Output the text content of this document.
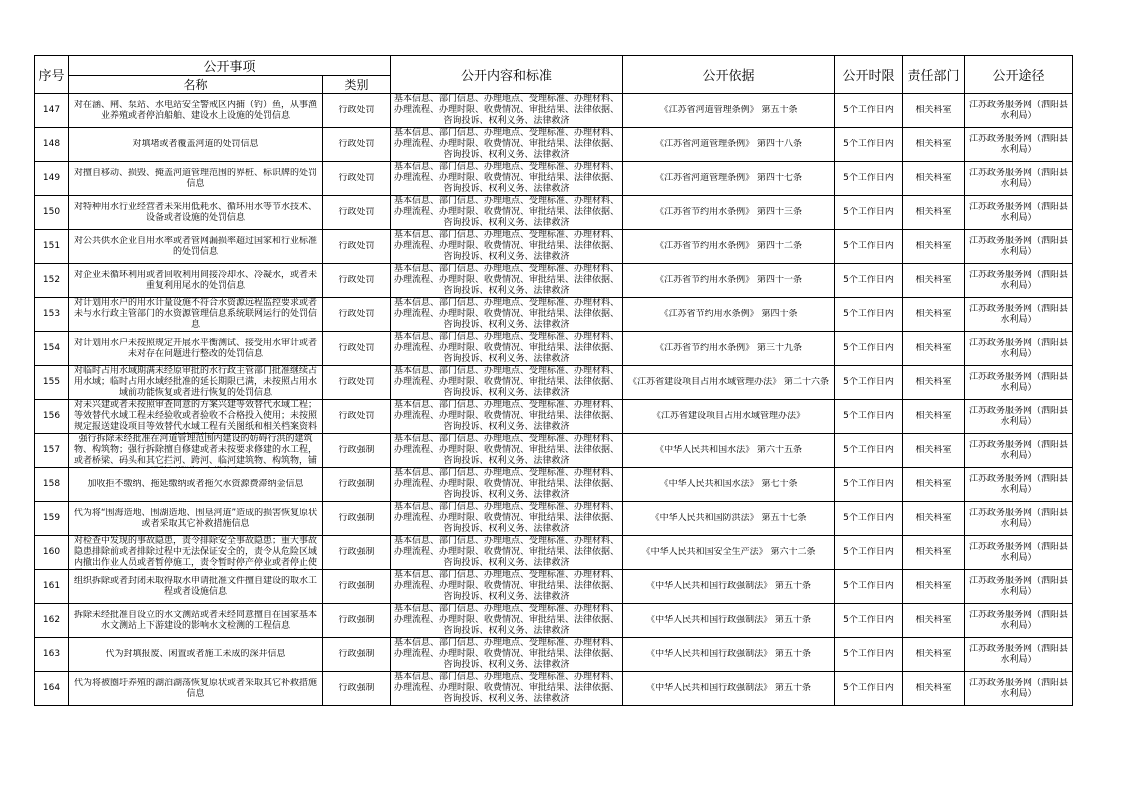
序号	公开事项		公开内容和标准	公开依据	公开时限	责任部门	公开途径
	名称	类别					

147	对在涵、闸、泵站、水电站安全警戒区内捕（钓）鱼，从事渔业养殖或者停泊船舶、建设水上设施的处罚信息	行政处罚	基本信息、部门信息、办理地点、受理标准、办理材料、办理流程、办理时限、收费情况、审批结果、法律依据、咨询投诉、权利义务、法律救济	《江苏省河道管理条例》 第五十条	5个工作日内	相关科室	江苏政务服务网（泗阳县水利局）

148	对填堵或者覆盖河道的处罚信息	行政处罚	基本信息、部门信息、办理地点、受理标准、办理材料、办理流程、办理时限、收费情况、审批结果、法律依据、咨询投诉、权利义务、法律救济	《江苏省河道管理条例》 第四十八条	5个工作日内	相关科室	江苏政务服务网（泗阳县水利局）

149	对擅自移动、损毁、掩盖河道管理范围的界桩、标识牌的处罚信息	行政处罚	基本信息、部门信息、办理地点、受理标准、办理材料、办理流程、办理时限、收费情况、审批结果、法律依据、咨询投诉、权利义务、法律救济	《江苏省河道管理条例》 第四十七条	5个工作日内	相关科室	江苏政务服务网（泗阳县水利局）

150	对特种用水行业经营者未采用低耗水、循环用水等节水技术、设备或者设施的处罚信息	行政处罚	基本信息、部门信息、办理地点、受理标准、办理材料、办理流程、办理时限、收费情况、审批结果、法律依据、咨询投诉、权利义务、法律救济	《江苏省节约用水条例》 第四十三条	5个工作日内	相关科室	江苏政务服务网（泗阳县水利局）

151	对公共供水企业自用水率或者管网漏损率超过国家和行业标准的处罚信息	行政处罚	基本信息、部门信息、办理地点、受理标准、办理材料、办理流程、办理时限、收费情况、审批结果、法律依据、咨询投诉、权利义务、法律救济	《江苏省节约用水条例》 第四十二条	5个工作日内	相关科室	江苏政务服务网（泗阳县水利局）

152	对企业未循环利用或者回收利用间接冷却水、冷凝水，或者未重复利用尾水的处罚信息	行政处罚	基本信息、部门信息、办理地点、受理标准、办理材料、办理流程、办理时限、收费情况、审批结果、法律依据、咨询投诉、权利义务、法律救济	《江苏省节约用水条例》 第四十一条	5个工作日内	相关科室	江苏政务服务网（泗阳县水利局）

153	对计划用水户的用水计量设施不符合水资源远程监控要求或者未与水行政主管部门的水资源管理信息系统联网运行的处罚信息	行政处罚	基本信息、部门信息、办理地点、受理标准、办理材料、办理流程、办理时限、收费情况、审批结果、法律依据、咨询投诉、权利义务、法律救济	《江苏省节约用水条例》 第四十条	5个工作日内	相关科室	江苏政务服务网（泗阳县水利局）

154	对计划用水户未按照规定开展水平衡测试、接受用水审计或者未对存在问题进行整改的处罚信息	行政处罚	基本信息、部门信息、办理地点、受理标准、办理材料、办理流程、办理时限、收费情况、审批结果、法律依据、咨询投诉、权利义务、法律救济	《江苏省节约用水条例》 第三十九条	5个工作日内	相关科室	江苏政务服务网（泗阳县水利局）

155	对临时占用水域期满未经原审批的水行政主管部门批准继续占用水域；临时占用水域经批准的延长期限已满，未按照占用水域前功能恢复或者进行恢复的处罚信息	行政处罚	基本信息、部门信息、办理地点、受理标准、办理材料、办理流程、办理时限、收费情况、审批结果、法律依据、咨询投诉、权利义务、法律救济	《江苏省建设项目占用水域管理办法》 第二十六条	5个工作日内	相关科室	江苏政务服务网（泗阳县水利局）

156	对未兴建或者未按照审查同意的方案兴建等效替代水域工程；等效替代水域工程未经验收或者验收不合格投入使用；未按照规定报送建设项目等效替代水域工程有关图纸和相关档案资料	行政处罚	基本信息、部门信息、办理地点、受理标准、办理材料、办理流程、办理时限、收费情况、审批结果、法律依据、咨询投诉、权利义务、法律救济	《江苏省建设项目占用水域管理办法》	5个工作日内	相关科室	江苏政务服务网（泗阳县水利局）

157	强行拆除未经批准在河道管理范围内建设的妨碍行洪的建筑物、构筑物；强行拆除擅自修建或者未按要求修建的水工程，或者桥梁、码头和其它拦河、跨河、临河建筑物、构筑物，铺	行政强制	基本信息、部门信息、办理地点、受理标准、办理材料、办理流程、办理时限、收费情况、审批结果、法律依据、咨询投诉、权利义务、法律救济	《中华人民共和国水法》 第六十五条	5个工作日内	相关科室	江苏政务服务网（泗阳县水利局）

158	加收拒不缴纳、拖延缴纳或者拖欠水资源费滞纳金信息	行政强制	基本信息、部门信息、办理地点、受理标准、办理材料、办理流程、办理时限、收费情况、审批结果、法律依据、咨询投诉、权利义务、法律救济	《中华人民共和国水法》 第七十条	5个工作日内	相关科室	江苏政务服务网（泗阳县水利局）

159	代为将“围海造地、围湖造地、围垦河道”造成的损害恢复原状或者采取其它补救措施信息	行政强制	基本信息、部门信息、办理地点、受理标准、办理材料、办理流程、办理时限、收费情况、审批结果、法律依据、咨询投诉、权利义务、法律救济	《中华人民共和国防洪法》 第五十七条	5个工作日内	相关科室	江苏政务服务网（泗阳县水利局）

160	对检查中发现的事故隐患，责令排除安全事故隐患；重大事故隐患排除前或者排除过程中无法保证安全的，责令从危险区域内撤出作业人员或者暂停施工，责令暂时停产停业或者停止使	行政强制	基本信息、部门信息、办理地点、受理标准、办理材料、办理流程、办理时限、收费情况、审批结果、法律依据、咨询投诉、权利义务、法律救济	《中华人民共和国安全生产法》 第六十二条	5个工作日内	相关科室	江苏政务服务网（泗阳县水利局）

161	组织拆除或者封闭未取得取水申请批准文件擅自建设的取水工程或者设施信息	行政强制	基本信息、部门信息、办理地点、受理标准、办理材料、办理流程、办理时限、收费情况、审批结果、法律依据、咨询投诉、权利义务、法律救济	《中华人民共和国行政强制法》 第五十条	5个工作日内	相关科室	江苏政务服务网（泗阳县水利局）

162	拆除未经批准自设立的水文测站或者未经同意擅自在国家基本水文测站上下游建设的影响水文检测的工程信息	行政强制	基本信息、部门信息、办理地点、受理标准、办理材料、办理流程、办理时限、收费情况、审批结果、法律依据、咨询投诉、权利义务、法律救济	《中华人民共和国行政强制法》 第五十条	5个工作日内	相关科室	江苏政务服务网（泗阳县水利局）

163	代为封填报废、闲置或者施工未成的深井信息	行政强制	基本信息、部门信息、办理地点、受理标准、办理材料、办理流程、办理时限、收费情况、审批结果、法律依据、咨询投诉、权利义务、法律救济	《中华人民共和国行政强制法》 第五十条	5个工作日内	相关科室	江苏政务服务网（泗阳县水利局）

164	代为将被圈圩养殖的湖泊湖荡恢复原状或者采取其它补救措施信息	行政强制	基本信息、部门信息、办理地点、受理标准、办理材料、办理流程、办理时限、收费情况、审批结果、法律依据、咨询投诉、权利义务、法律救济	《中华人民共和国行政强制法》 第五十条	5个工作日内	相关科室	江苏政务服务网（泗阳县水利局）
